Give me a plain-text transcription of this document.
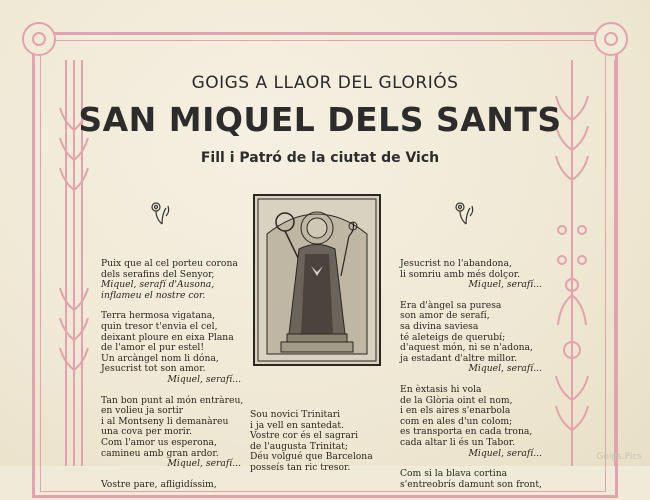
GOIGS A LLAOR DEL GLORIÓS
SAN MIQUEL DELS SANTS
Fill i Patró de la ciutat de Vich
Puix que al cel porteu corona
dels serafins del Senyor,
Miquel, serafí d'Ausona,
inflameu el nostre cor.
Terra hermosa vigatana,
quin tresor t'envia el cel,
deixant ploure en eixa Plana
de l'amor el pur estel!
Un arcàngel nom li dóna,
Jesucrist tot son amor.
Miquel, serafí...
Tan bon punt al món entràreu,
en volieu ja sortir
i al Montseny li demanàreu
una cova per morir.
Com l'amor us esperona,
camineu amb gran ardor.
Miquel, serafí...
Vostre pare, afligidíssim,
Sou novici Trinitari
i ja vell en santedat.
Vostre cor és el sagrari
de l'augusta Trinitat;
Déu volgué que Barcelona
posseís tan ric tresor.
Jesucrist no l'abandona,
li somriu amb més dolçor.
Miquel, serafí...
Era d'àngel sa puresa
son amor de serafí,
sa divina saviesa
té aleteigs de querubí;
d'aquest món, ni se n'adona,
ja estadant d'altre millor.
Miquel, serafí...
En èxtasis hi vola
de la Glòria oint el nom,
i en els aires s'enarbola
com en ales d'un colom;
es transporta en cada trona,
cada altar li és un Tabor.
Miquel, serafí...
Com si la blava cortina
s'entreobrís damunt son front,
Goigs.Pics
